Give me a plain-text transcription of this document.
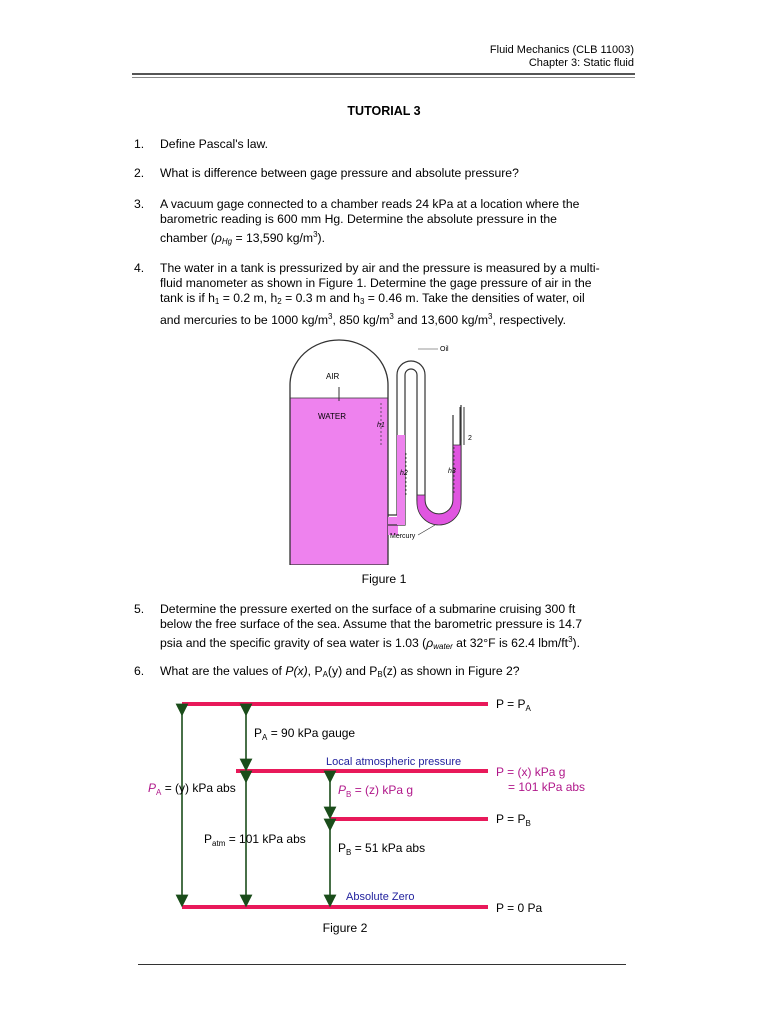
Fluid Mechanics (CLB 11003)
Chapter 3: Static fluid
TUTORIAL 3
1. Define Pascal's law.
2. What is difference between gage pressure and absolute pressure?
3. A vacuum gage connected to a chamber reads 24 kPa at a location where the
barometric reading is 600 mm Hg. Determine the absolute pressure in the
chamber ($\rho_{Hg} = 13,590$ $kg/m^3$).
4. The water in a tank is pressurized by air and the pressure is measured by a multi-
fluid manometer as shown in Figure 1. Determine the gage pressure of air in the
tank is if $h_1 = 0.2$ m, $h_2 = 0.3$ m and $h_3 = 0.46$ m. Take the densities of water, oil
and mercuries to be 1000 $kg/m^3$, 850 $kg/m^3$ and 13,600 $kg/m^3$, respectively.
AIR
WATER
Oil
Mercury
2
h1
h2	h3
Figure 1
5. Determine the pressure exerted on the surface of a submarine cruising 300 ft
below the free surface of the sea. Assume that the barometric pressure is 14.7
psia and the specific gravity of sea water is 1.03 ($\rho_{water}$ at 32°F is 62.4 lbm/$ft^3$).
6. What are the values of P(x), $P_A(y)$ and $P_B(z)$ as shown in Figure 2?
$P_A = 90$ kPa gauge
Local atmospheric pressure
$P_A = (y)$ kPa abs	$P_B = (z)$ kPa g
$P_{atm} = 101$ kPa abs
$P_B = 51$ kPa abs
Absolute Zero
$P = P_A$
P = (x) kPa g
= 101 kPa abs
$P = P_B$
P = 0 Pa
Figure 2
